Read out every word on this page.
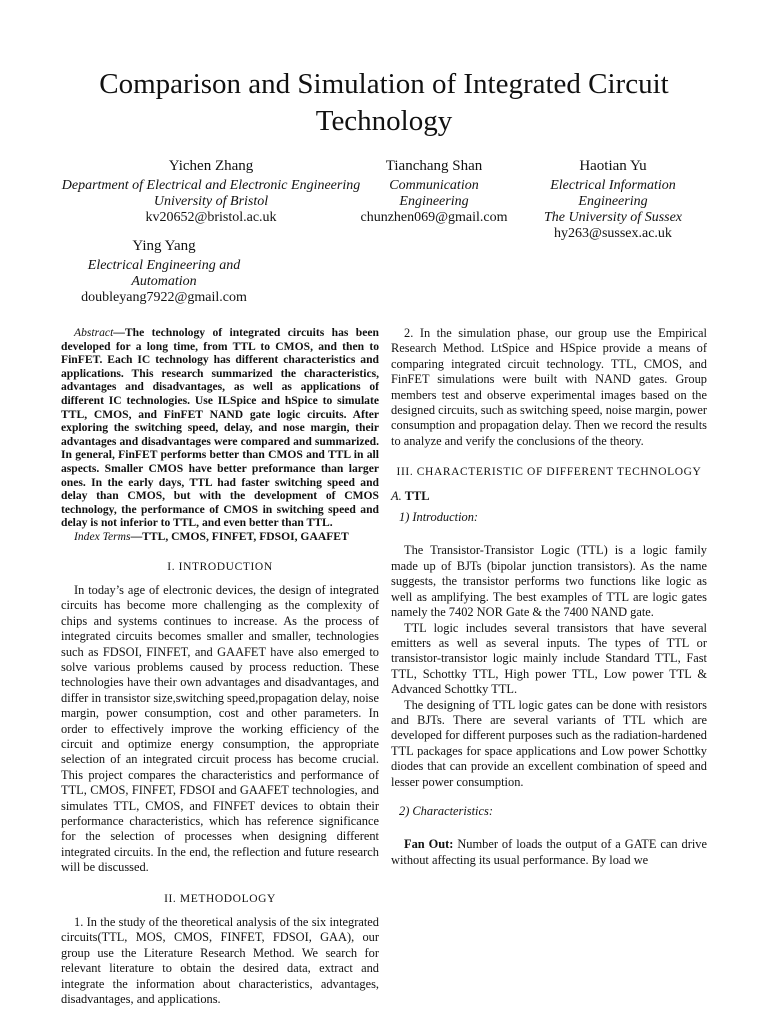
Comparison and Simulation of Integrated Circuit Technology
Yichen Zhang
Department of Electrical and Electronic Engineering
University of Bristol
kv20652@bristol.ac.uk
Tianchang Shan
Communication Engineering
chunzhen069@gmail.com
Haotian Yu
Electrical Information Engineering
The University of Sussex
hy263@sussex.ac.uk
Ying Yang
Electrical Engineering and Automation
doubleyang7922@gmail.com

Abstract—The technology of integrated circuits has been developed for a long time, from TTL to CMOS, and then to FinFET. Each IC technology has different characteristics and applications. This research summarized the characteristics, advantages and disadvantages, as well as applications of different IC technologies. Use ILSpice and hSpice to simulate TTL, CMOS, and FinFET NAND gate logic circuits. After exploring the switching speed, delay, and nose margin, their advantages and disadvantages were compared and summarized. In general, FinFET performs better than CMOS and TTL in all aspects. Smaller CMOS have better preformance than larger ones. In the early days, TTL had faster switching speed and delay than CMOS, but with the development of CMOS technology, the performance of CMOS in switching speed and delay is not inferior to TTL, and even better than TTL.

Index Terms—TTL, CMOS, FINFET, FDSOI, GAAFET

I. INTRODUCTION

In today’s age of electronic devices, the design of integrated circuits has become more challenging as the complexity of chips and systems continues to increase. As the process of integrated circuits becomes smaller and smaller, technologies such as FDSOI, FINFET, and GAAFET have also emerged to solve various problems caused by process reduction. These technologies have their own advantages and disadvantages, and differ in transistor size,switching speed,propagation delay, noise margin, power consumption, cost and other parameters. In order to effectively improve the working efficiency of the circuit and optimize energy consumption, the appropriate selection of an integrated circuit process has become crucial. This project compares the characteristics and performance of TTL, CMOS, FINFET, FDSOI and GAAFET technologies, and simulates TTL, CMOS, and FINFET devices to obtain their performance characteristics, which has reference significance for the selection of processes when designing different integrated circuits. In the end, the reflection and future research will be discussed.

II. METHODOLOGY

1. In the study of the theoretical analysis of the six integrated circuits(TTL, MOS, CMOS, FINFET, FDSOI, GAA), our group use the Literature Research Method. We search for relevant literature to obtain the desired data, extract and integrate the information about characteristics, advantages, disadvantages, and applications.

2. In the simulation phase, our group use the Empirical Research Method. LtSpice and HSpice provide a means of comparing integrated circuit technology. TTL, CMOS, and FinFET simulations were built with NAND gates. Group members test and observe experimental images based on the designed circuits, such as switching speed, noise margin, power consumption and propagation delay. Then we record the results to analyze and verify the conclusions of the theory.

III. CHARACTERISTIC OF DIFFERENT TECHNOLOGY
A. TTL
1) Introduction:

The Transistor-Transistor Logic (TTL) is a logic family made up of BJTs (bipolar junction transistors). As the name suggests, the transistor performs two functions like logic as well as amplifying. The best examples of TTL are logic gates namely the 7402 NOR Gate & the 7400 NAND gate.

TTL logic includes several transistors that have several emitters as well as several inputs. The types of TTL or transistor-transistor logic mainly include Standard TTL, Fast TTL, Schottky TTL, High power TTL, Low power TTL & Advanced Schottky TTL.

The designing of TTL logic gates can be done with resistors and BJTs. There are several variants of TTL which are developed for different purposes such as the radiation-hardened TTL packages for space applications and Low power Schottky diodes that can provide an excellent combination of speed and lesser power consumption.

2) Characteristics:

Fan Out: Number of loads the output of a GATE can drive without affecting its usual performance. By load we
